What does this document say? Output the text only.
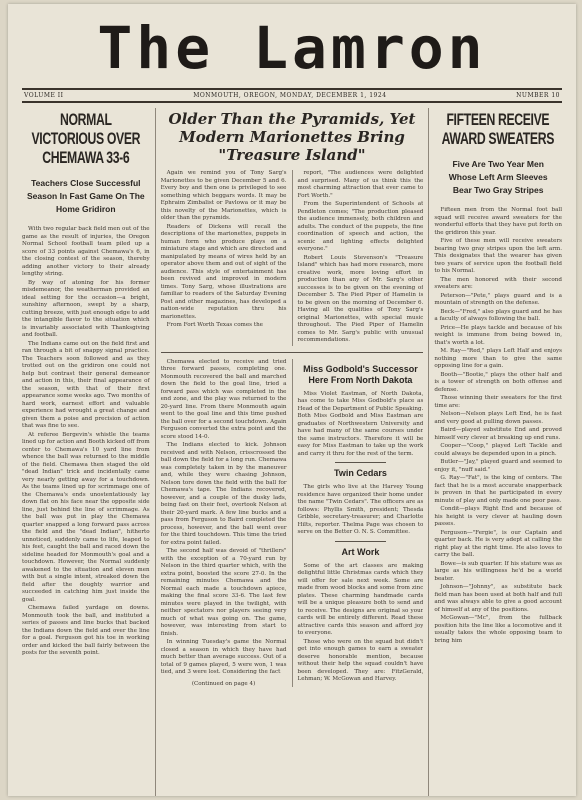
The Lamron
VOLUME II	MONMOUTH, OREGON, MONDAY, DECEMBER 1, 1924	NUMBER 10
NORMAL VICTORIOUS OVER CHEMAWA 33-6
Teachers Close Successful Season In Fast Game On The Home Gridiron

With two regular back field men out of the game as the result of injuries, the Oregon Normal School football team piled up a score of 33 points against Chemawa's 6, in the closing contest of the season, thereby adding another victory to their already lengthy string.

By way of atoning for his former misdemeanor, the weatherman provided an ideal setting for the occasion—a bright, sunshiny afternoon, swept by a sharp, cutting breeze, with just enough edge to add the intangible flavor to the situation which is invariably associated with Thanksgiving and football.

The Indians came out on the field first and ran through a bit of snappy signal practice. The Teachers soon followed and as they trotted out on the gridiron one could not help but contrast their general demeanor and action in this, their final appearance of the season, with that of their first appearance some weeks ago. Two months of hard work, earnest effort and valuable experience had wrought a great change and given them a poise and precision of action that was fine to see.

At referee Bergevin's whistle the teams lined up for action and Booth kicked off from center to Chemawa's 10 yard line from whence the ball was returned to the middle of the field. Chemawa then staged the old "dead Indian" trick and incidentally came very nearly getting away for a touchdown. As the teams lined up for scrimmage one of the Chemawa's ends unostentatiously lay down flat on his face near the opposite side line, just behind the line of scrimmage. As the ball was put in play the Chemawa quarter snapped a long forward pass across the field and the "dead Indian", hitherto unnoticed, suddenly came to life, leaped to his feet, caught the ball and raced down the sideline headed for Monmouth's goal and a touchdown. However, the Normal suddenly awakened to the situation and eleven men with but a single intent, streaked down the field after the doughty warrior and succeeded in catching him just inside the goal.

Chemawa failed yardage on downs. Monmouth took the ball, and instituted a series of passes and line bucks that backed the Indians down the field and over the line for a goal. Ferguson got his toe in working order and kicked the ball fairly between the posts for the seventh point.

Older Than the Pyramids, Yet Modern Marionettes Bring "Treasure Island"

Again we remind you of Tony Sarg's Marionettes to be given December 5 and 6. Every boy and then one is privileged to see something which beggars words. It may be Ephraim Zimbalist or Pavlowa or it may be this novelty of the Marionettes, which is older than the pyramids.

Readers of Dickens will recall the descriptions of the marionettes, puppets in human form who produce plays on a miniature stage and which are directed and manipulated by means of wires held by an operator above them and out of sight of the audience. This style of entertainment has been revived and improved in modern times. Tony Sarg, whose illustrations are familiar to readers of the Saturday Evening Post and other magazines, has developed a nation-wide reputation thru his marionettes.

From Fort Worth Texas comes the

report, "The audiences were delighted and surprised. Many of us think this the most charming attraction that ever came to Fort Worth."

From the Superintendent of Schools at Pendleton comes; "The production pleased the audience immensely, both children and adults. The conduct of the puppets, the fine coordination of speech and action, the scenic and lighting effects delighted everyone."

Robert Louis Stevenson's "Treasure Island" which has had more research, more creative work, more loving effort in production than any of Mr. Sarg's other successes is to be given on the evening of December 5. The Pied Piper of Hamelin is to be given on the morning of December 6. Having all the qualities of Tony Sarg's original Marionettes, with special music throughout. The Pied Piper of Hamelin comes to Mr. Sarg's public with unusual recommendations.

Chemawa elected to receive and tried three forward passes, completing one. Monmouth recovered the ball and marched down the field to the goal line, tried a forward pass which was completed in the end zone, and the play was returned to the 20-yard line. From there Monmouth again went to the goal line and this time pushed the ball over for a second touchdown. Again Ferguson converted the extra point and the score stood 14-0.

The Indians elected to kick. Johnson received and with Nelson, crisscrossed the ball down the field for a long run. Chemawa was completely taken in by the maneuver and, while they were chasing Johnson, Nelson tore down the field with the ball for Chemawa's tape. The Indians recovered, however, and a couple of the dusky lads, being fast on their feet, overtook Nelson at their 20-yard mark. A few line bucks and a pass from Ferguson to Baird completed the process, however, and the ball went over for the third touchdown. This time the tried for extra point failed.

The second half was devoid of "thrillers" with the exception of a 70-yard run by Nelson in the third quarter which, with the extra point, boosted the score 27-0. In the remaining minutes Chemawa and the Normal each made a touchdown apiece, making the final score 33-6. The last few minutes were played in the twilight, with neither spectators nor players seeing very much of what was going on. The game, however, was interesting from start to finish.

In winning Tuesday's game the Normal closed a season in which they have had much better than average success. Out of a total of 9 games played, 5 were won, 1 was tied, and 3 were lost. Considering the fact

(Continued on page 4)
Miss Godbold's Successor Here From North Dakota

Miss Violet Eastman, of North Dakota, has come to take Miss Godbold's place as Head of the Department of Public Speaking. Both Miss Godbold and Miss Eastman are graduates of Northwestern University and have had many of the same courses under the same instructors. Therefore it will be easy for Miss Eastman to take up the work and carry it thru for the rest of the term.

Twin Cedars

The girls who live at the Harvey Young residence have organized their home under the name "Twin Cedars". The officers are as follows: Phyllis Smith, president; Thesda Gribble, secretary-treasurer; and Charlotte Hilts, reporter. Thelma Page was chosen to serve on the Better O. N. S. Committee.

Art Work

Some of the art classes are making delightful little Christmas cards which they will offer for sale next week. Some are made from wood blocks and some from zinc plates. These charming handmade cards will be a unique pleasure both to send and to receive. The designs are original so your cards will be entirely different. Read these attractive cards this season and afford joy to everyone.

Those who were on the squad but didn't get into enough games to earn a sweater deserve honorable mention, because without their help the squad couldn't have been developed. They are: FitzGerald, Lehman; W. McGowan and Harvey.

FIFTEEN RECEIVE AWARD SWEATERS
Five Are Two Year Men Whose Left Arm Sleeves Bear Two Gray Stripes

Fifteen men from the Normal foot ball squad will receive award sweaters for the wonderful efforts that they have put forth on the gridiron this year.

Five of these men will receive sweaters bearing two gray stripes upon the left arm. This designates that the wearer has given two years of service upon the football field to his Normal.

The men honored with their second sweaters are:

Peterson—"Pete," plays guard and is a mountain of strength on the defense.

Beck—"Fred," also plays guard and he has a faculty of always following the ball.

Price—He plays tackle and because of his weight is immune from being bowed in, that's worth a lot.

M. Ray—"Red," plays Left Half and enjoys nothing more than to give the same opposing line for a gain.

Booth—"Bootie," plays the other half and is a tower of strength on both offense and defense.

Those winning their sweaters for the first time are:

Nelson—Nelson plays Left End, he is fast and very good at pulling down passes.

Baird—played substitute End and proved himself very clever at breaking up end runs.

Cooper—"Coop," played Left Tackle and could always be depended upon in a pinch.

Butler—"Jay," played guard and seemed to enjoy it, "nuff said."

G. Ray—"Fat", is the king of centers. The fact that he is a most accurate snapperback is proven in that he participated in every minute of play and only made one poor pass.

Condit—plays Right End and because of his height is very clever at hauling down passes.

Ferguson—"Fergie", is our Captain and quarter back. He is very adept at calling the right play at the right time. He also loves to carry the ball.

Bowe—is sub quarter. If his stature was as large as his willingness he'd be a world beater.

Johnson—"Johnny", as substitute back field man has been used at both half and full and was always able to give a good account of himself at any of the positions.

McGowan—"Mc", from the fullback position hits the line like a locomotive and it usually takes the whole opposing team to bring him
